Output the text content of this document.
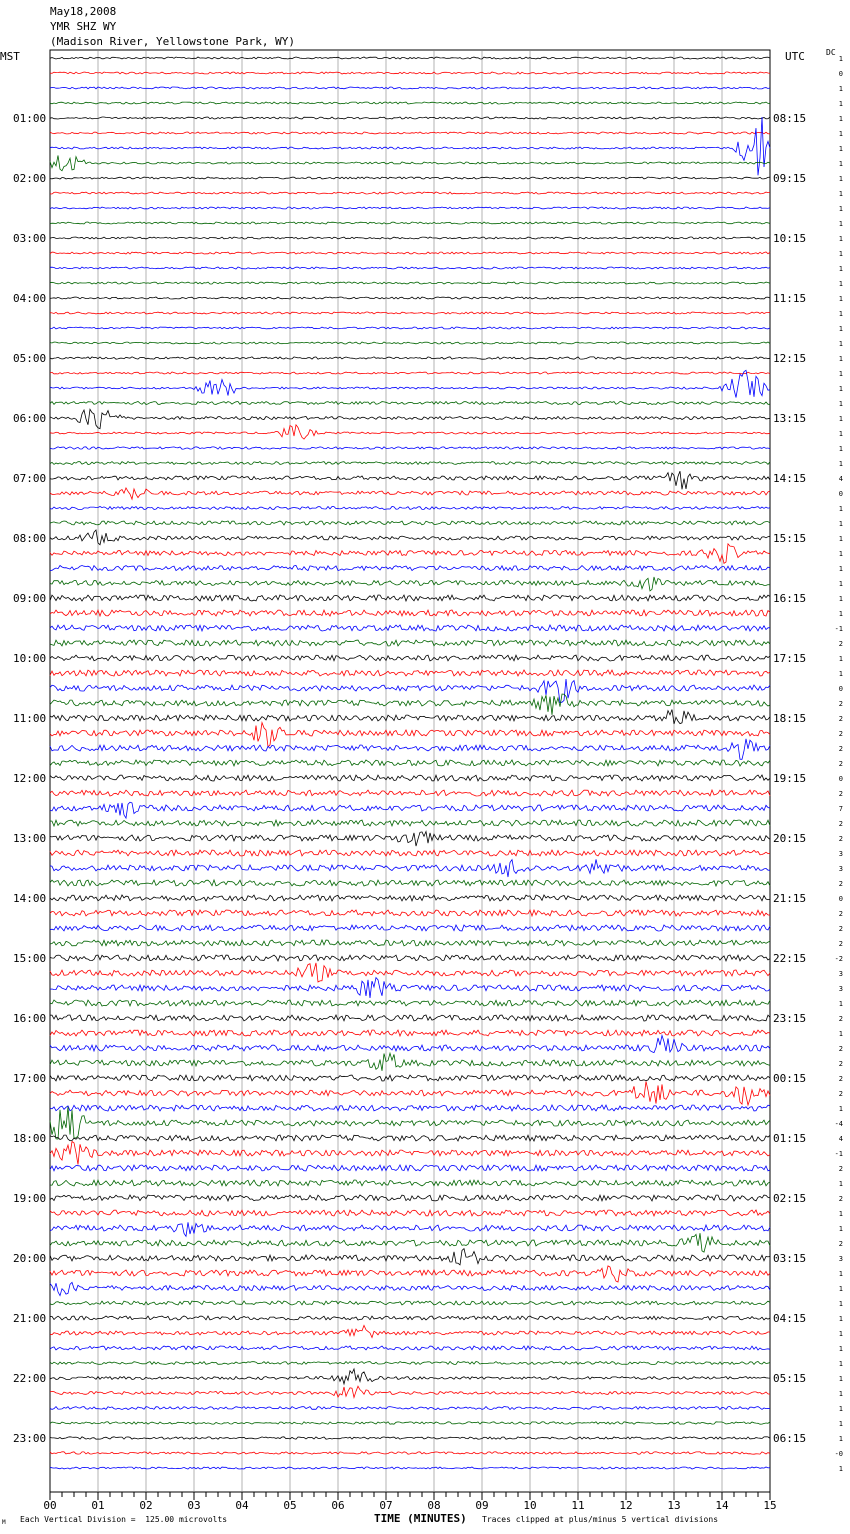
May18,2008
YMR SHZ WY
(Madison River, Yellowstone Park, WY)
MST	UTC	DC
01:00	08:15
02:00	09:15
03:00	10:15
04:00	11:15
05:00	12:15
06:00	13:15
07:00	14:15
08:00	15:15
09:00	16:15
10:00	17:15
11:00	18:15
12:00	19:15
13:00	20:15
14:00	21:15
15:00	22:15
16:00	23:15
17:00	00:15
18:00	01:15
19:00	02:15
20:00	03:15
21:00	04:15
22:00	05:15
23:00	06:15
1
0
1
1
1
1
1
1
1
1
1
1
1
1
1
1
1
1
1
1
1
1
1
1
1
1
1
1
4
0
1
1
1
1
1
1
1
1
-1
2
1
1
0
2
2
2
2
2
0
2
7
2
2
3
3
2
0
2
2
2
-2
3
3
1
2
1
2
2
2
2
1
-4
4
-1
2
1
2
1
1
2
3
1
1
1
1
1
1
1
1
1
1
1
1
-0
1
00	01	02	03	04	05	06	07	08	09	10	11	12	13	14	15
M Each Vertical Division =  125.00 microvolts	TIME (MINUTES) Traces clipped at plus/minus 5 vertical divisions
